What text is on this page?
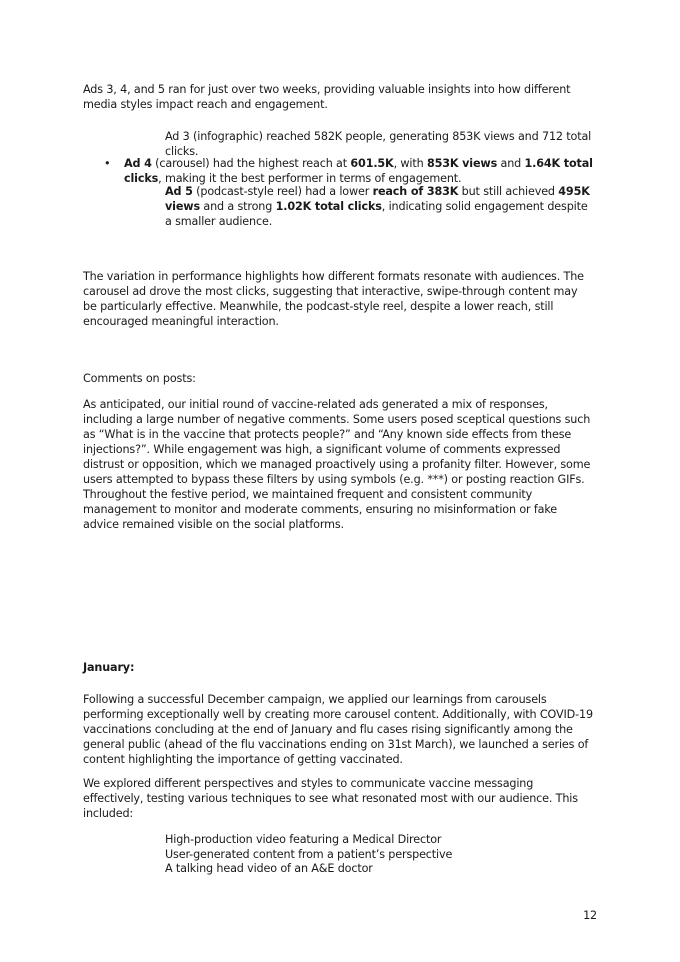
Ads 3, 4, and 5 ran for just over two weeks, providing valuable insights into how different media styles impact reach and engagement.

Ad 3 (infographic) reached 582K people, generating 853K views and 712 total clicks.

• Ad 4 (carousel) had the highest reach at 601.5K, with 853K views and 1.64K total clicks, making it the best performer in terms of engagement.

Ad 5 (podcast-style reel) had a lower reach of 383K but still achieved 495K views and a strong 1.02K total clicks, indicating solid engagement despite a smaller audience.

The variation in performance highlights how different formats resonate with audiences. The carousel ad drove the most clicks, suggesting that interactive, swipe-through content may be particularly effective. Meanwhile, the podcast-style reel, despite a lower reach, still encouraged meaningful interaction.

Comments on posts:

As anticipated, our initial round of vaccine-related ads generated a mix of responses, including a large number of negative comments. Some users posed sceptical questions such as “What is in the vaccine that protects people?” and “Any known side effects from these injections?”. While engagement was high, a significant volume of comments expressed distrust or opposition, which we managed proactively using a profanity filter. However, some users attempted to bypass these filters by using symbols (e.g. ***) or posting reaction GIFs. Throughout the festive period, we maintained frequent and consistent community management to monitor and moderate comments, ensuring no misinformation or fake advice remained visible on the social platforms.

January:

Following a successful December campaign, we applied our learnings from carousels performing exceptionally well by creating more carousel content. Additionally, with COVID-19 vaccinations concluding at the end of January and flu cases rising significantly among the general public (ahead of the flu vaccinations ending on 31st March), we launched a series of content highlighting the importance of getting vaccinated.

We explored different perspectives and styles to communicate vaccine messaging effectively, testing various techniques to see what resonated most with our audience. This included:

High-production video featuring a Medical Director

User-generated content from a patient’s perspective

A talking head video of an A&E doctor

12
